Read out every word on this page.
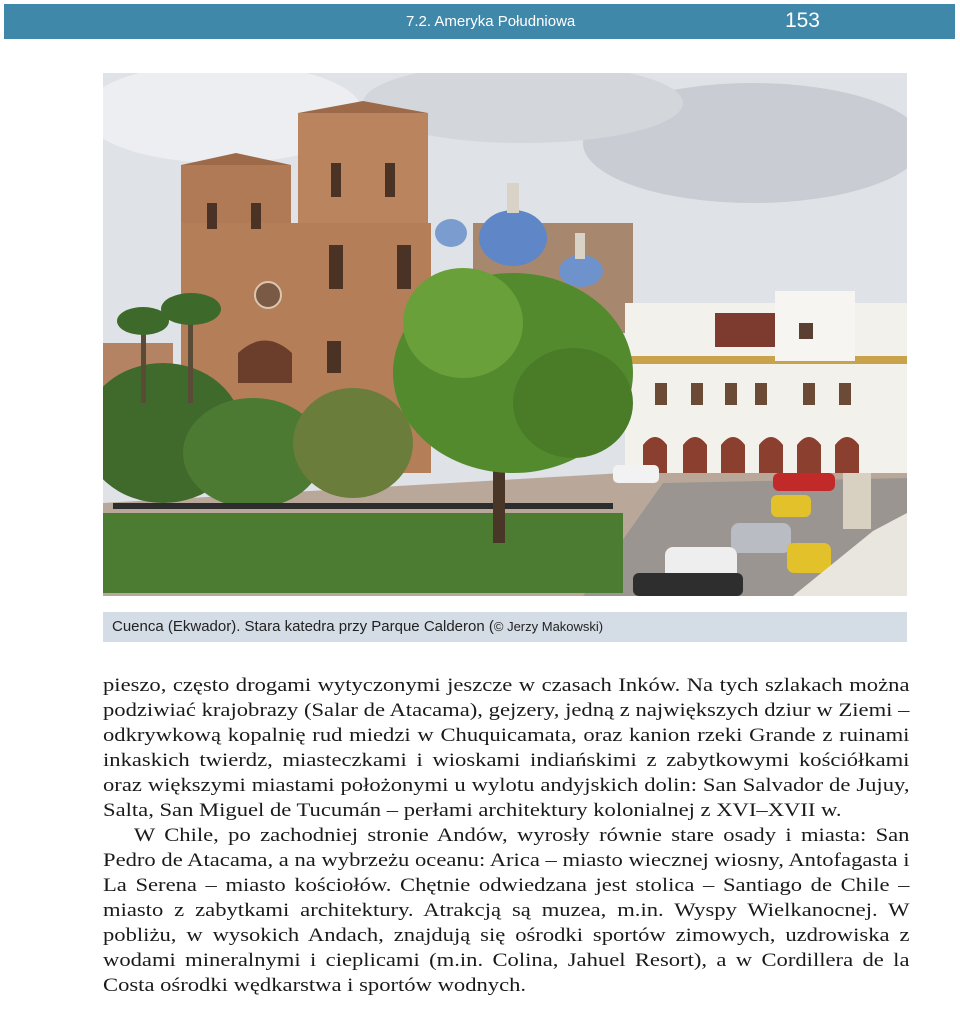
7.2. Ameryka Południowa	153
Cuenca (Ekwador). Stara katedra przy Parque Calderon (© Jerzy Makowski)

pieszo, często drogami wytyczonymi jeszcze w czasach Inków. Na tych szlakach można podziwiać krajobrazy (Salar de Atacama), gejzery, jedną z największych dziur w Ziemi – odkrywkową kopalnię rud miedzi w Chuquicamata, oraz kanion rzeki Grande z ruinami inkaskich twierdz, miasteczkami i wioskami indiańskimi z zabytkowymi kościółkami oraz większymi miastami położonymi u wylotu andyjskich dolin: San Salvador de Jujuy, Salta, San Miguel de Tucumán – perłami architektury kolonialnej z XVI–XVII w.

W Chile, po zachodniej stronie Andów, wyrosły równie stare osady i miasta: San Pedro de Atacama, a na wybrzeżu oceanu: Arica – miasto wiecznej wiosny, Antofagasta i La Serena – miasto kościołów. Chętnie odwiedzana jest stolica – Santiago de Chile – miasto z zabytkami architektury. Atrakcją są muzea, m.in. Wyspy Wielkanocnej. W pobliżu, w wysokich Andach, znajdują się ośrodki sportów zimowych, uzdrowiska z wodami mineralnymi i cieplicami (m.in. Colina, Jahuel Resort), a w Cordillera de la Costa ośrodki wędkarstwa i sportów wodnych.
